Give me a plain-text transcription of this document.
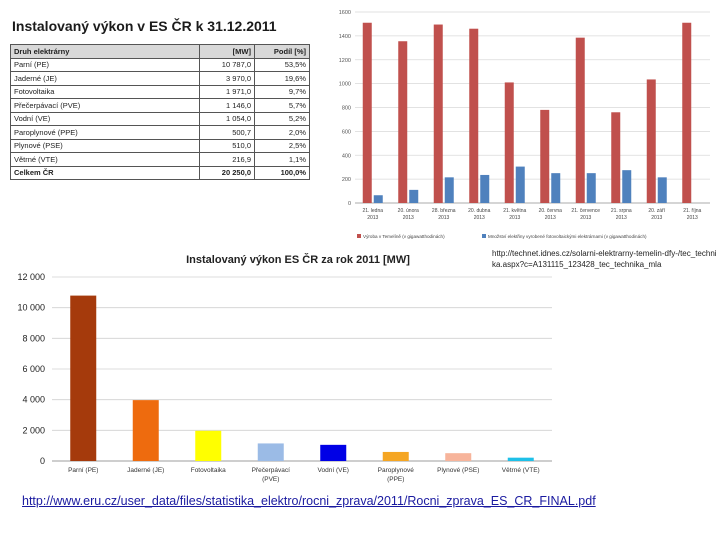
Instalovaný výkon v ES ČR k 31.12.2011
Druh elektrárny	[MW]	Podíl [%]
Parní (PE)	10 787,0	53,5%
Jaderné (JE)	3 970,0	19,6%
Fotovoltaika	1 971,0	9,7%
Přečerpávací (PVE)	1 146,0	5,7%
Vodní (VE)	1 054,0	5,2%
Paroplynové (PPE)	500,7	2,0%
Plynové (PSE)	510,0	2,5%
Větrné (VTE)	216,9	1,1%
Celkem ČR	20 250,0	100,0%
0
200
400
600
800
1000
1200
1400
1600
21. ledna 2013
20. února 2013
28. března 2013
20. dubna 2013
21. května 2013
20. června 2013
21. července 2013
21. srpna 2013
20. září 2013
21. října 2013
Výroba v Temelíně (v gigawatthodinách)	Množství elektřiny vyrobené fotovoltaickými elektrárnami (v gigawatthodinách)
http://technet.idnes.cz/solarni-elektrarny-temelin-dfy-/tec_technika.aspx?c=A131115_123428_tec_technika_mla
Instalovaný výkon ES ČR za rok 2011 [MW]
0
2 000
4 000
6 000
8 000
10 000
12 000
Parní (PE)	Jaderné (JE)	Fotovoltaika	Přečerpávací (PVE)
Vodní (VE)	Paroplynové (PPE)
Plynové (PSE)	Větrné (VTE)
http://www.eru.cz/user_data/files/statistika_elektro/rocni_zprava/2011/Rocni_zprava_ES_CR_FINAL.pdf
